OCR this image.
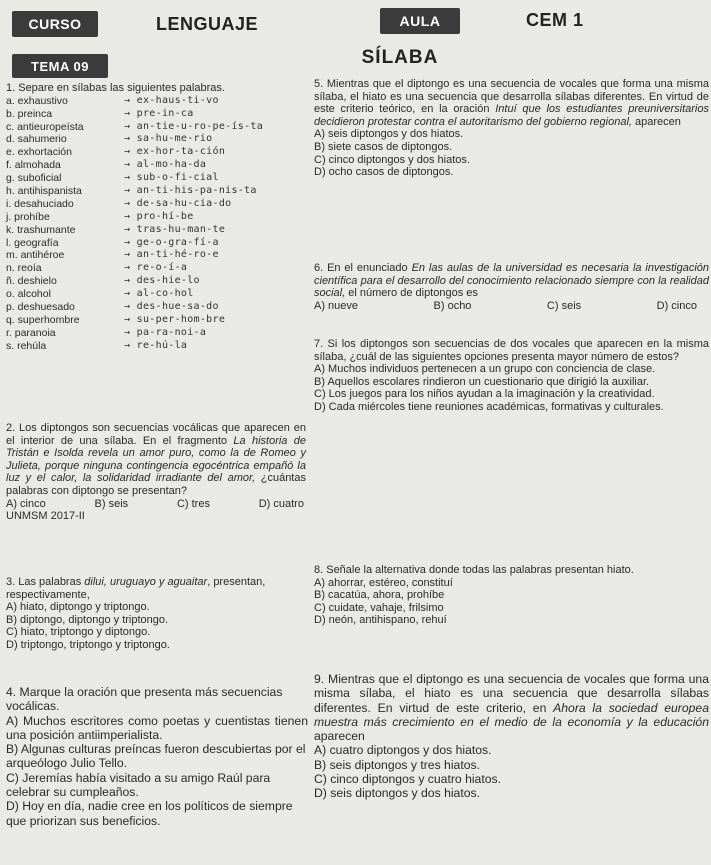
CURSO	LENGUAJE	AULA	CEM 1
TEMA 09	SÍLABA

1. Separe en sílabas las siguientes palabras.

a. exhaustivo	→ ex-haus-ti-vo
b. preinca	→ pre-in-ca
c. antieuropeísta	→ an-tie-u-ro-pe-ís-ta
d. sahumerio	→ sa-hu-me-rio
e. exhortación	→ ex-hor-ta-ción
f. almohada	→ al-mo-ha-da
g. suboficial	→ sub-o-fi-cial
h. antihispanista	→ an-ti-his-pa-nis-ta
i. desahuciado	→ de-sa-hu-cia-do
j. prohíbe	→ pro-hí-be
k. trashumante	→ tras-hu-man-te
l. geografía	→ ge-o-gra-fí-a
m. antihéroe	→ an-ti-hé-ro-e
n. reoía	→ re-o-í-a
ñ. deshielo	→ des-hie-lo
o. alcohol	→ al-co-hol
p. deshuesado	→ des-hue-sa-do
q. superhombre	→ su-per-hom-bre
r. paranoia	→ pa-ra-noi-a
s. rehúla	→ re-hú-la

2. Los diptongos son secuencias vocálicas que aparecen en el interior de una sílaba. En el fragmento La historia de Tristán e Isolda revela un amor puro, como la de Romeo y Julieta, porque ninguna contingencia egocéntrica empañó la luz y el calor, la solidaridad irradiante del amor, ¿cuántas palabras con diptongo se presentan?

A) cinco	B) seis	C) tres	D) cuatro

UNMSM 2017-II

3. Las palabras dilui, uruguayo y aguaitar, presentan, respectivamente,

A) hiato, diptongo y triptongo.

B) diptongo, diptongo y triptongo.

C) hiato, triptongo y diptongo.

D) triptongo, triptongo y triptongo.

4. Marque la oración que presenta más secuencias vocálicas.

A) Muchos escritores como poetas y cuentistas tienen una posición antiimperialista.

B) Algunas culturas preíncas fueron descubiertas por el arqueólogo Julio Tello.

C) Jeremías había visitado a su amigo Raúl para celebrar su cumpleaños.

D) Hoy en día, nadie cree en los políticos de siempre que priorizan sus beneficios.

5. Mientras que el diptongo es una secuencia de vocales que forma una misma sílaba, el hiato es una secuencia que desarrolla sílabas diferentes. En virtud de este criterio teórico, en la oración Intuí que los estudiantes preuniversitarios decidieron protestar contra el autoritarismo del gobierno regional, aparecen

A) seis diptongos y dos hiatos.

B) siete casos de diptongos.

C) cinco diptongos y dos hiatos.

D) ocho casos de diptongos.

6. En el enunciado En las aulas de la universidad es necesaria la investigación científica para el desarrollo del conocimiento relacionado siempre con la realidad social, el número de diptongos es

A) nueve	B) ocho	C) seis	D) cinco

7. Si los diptongos son secuencias de dos vocales que aparecen en la misma sílaba, ¿cuál de las siguientes opciones presenta mayor número de estos?

A) Muchos individuos pertenecen a un grupo con conciencia de clase.

B) Aquellos escolares rindieron un cuestionario que dirigió la auxiliar.

C) Los juegos para los niños ayudan a la imaginación y la creatividad.

D) Cada miércoles tiene reuniones académicas, formativas y culturales.

8. Señale la alternativa donde todas las palabras presentan hiato.

A) ahorrar, estéreo, constituí

B) cacatúa, ahora, prohíbe

C) cuidate, vahaje, frilsimo

D) neón, antihispano, rehuí

9. Mientras que el diptongo es una secuencia de vocales que forma una misma sílaba, el hiato es una secuencia que desarrolla sílabas diferentes. En virtud de este criterio, en Ahora la sociedad europea muestra más crecimiento en el medio de la economía y la educación aparecen

A) cuatro diptongos y dos hiatos.

B) seis diptongos y tres hiatos.

C) cinco diptongos y cuatro hiatos.

D) seis diptongos y dos hiatos.
